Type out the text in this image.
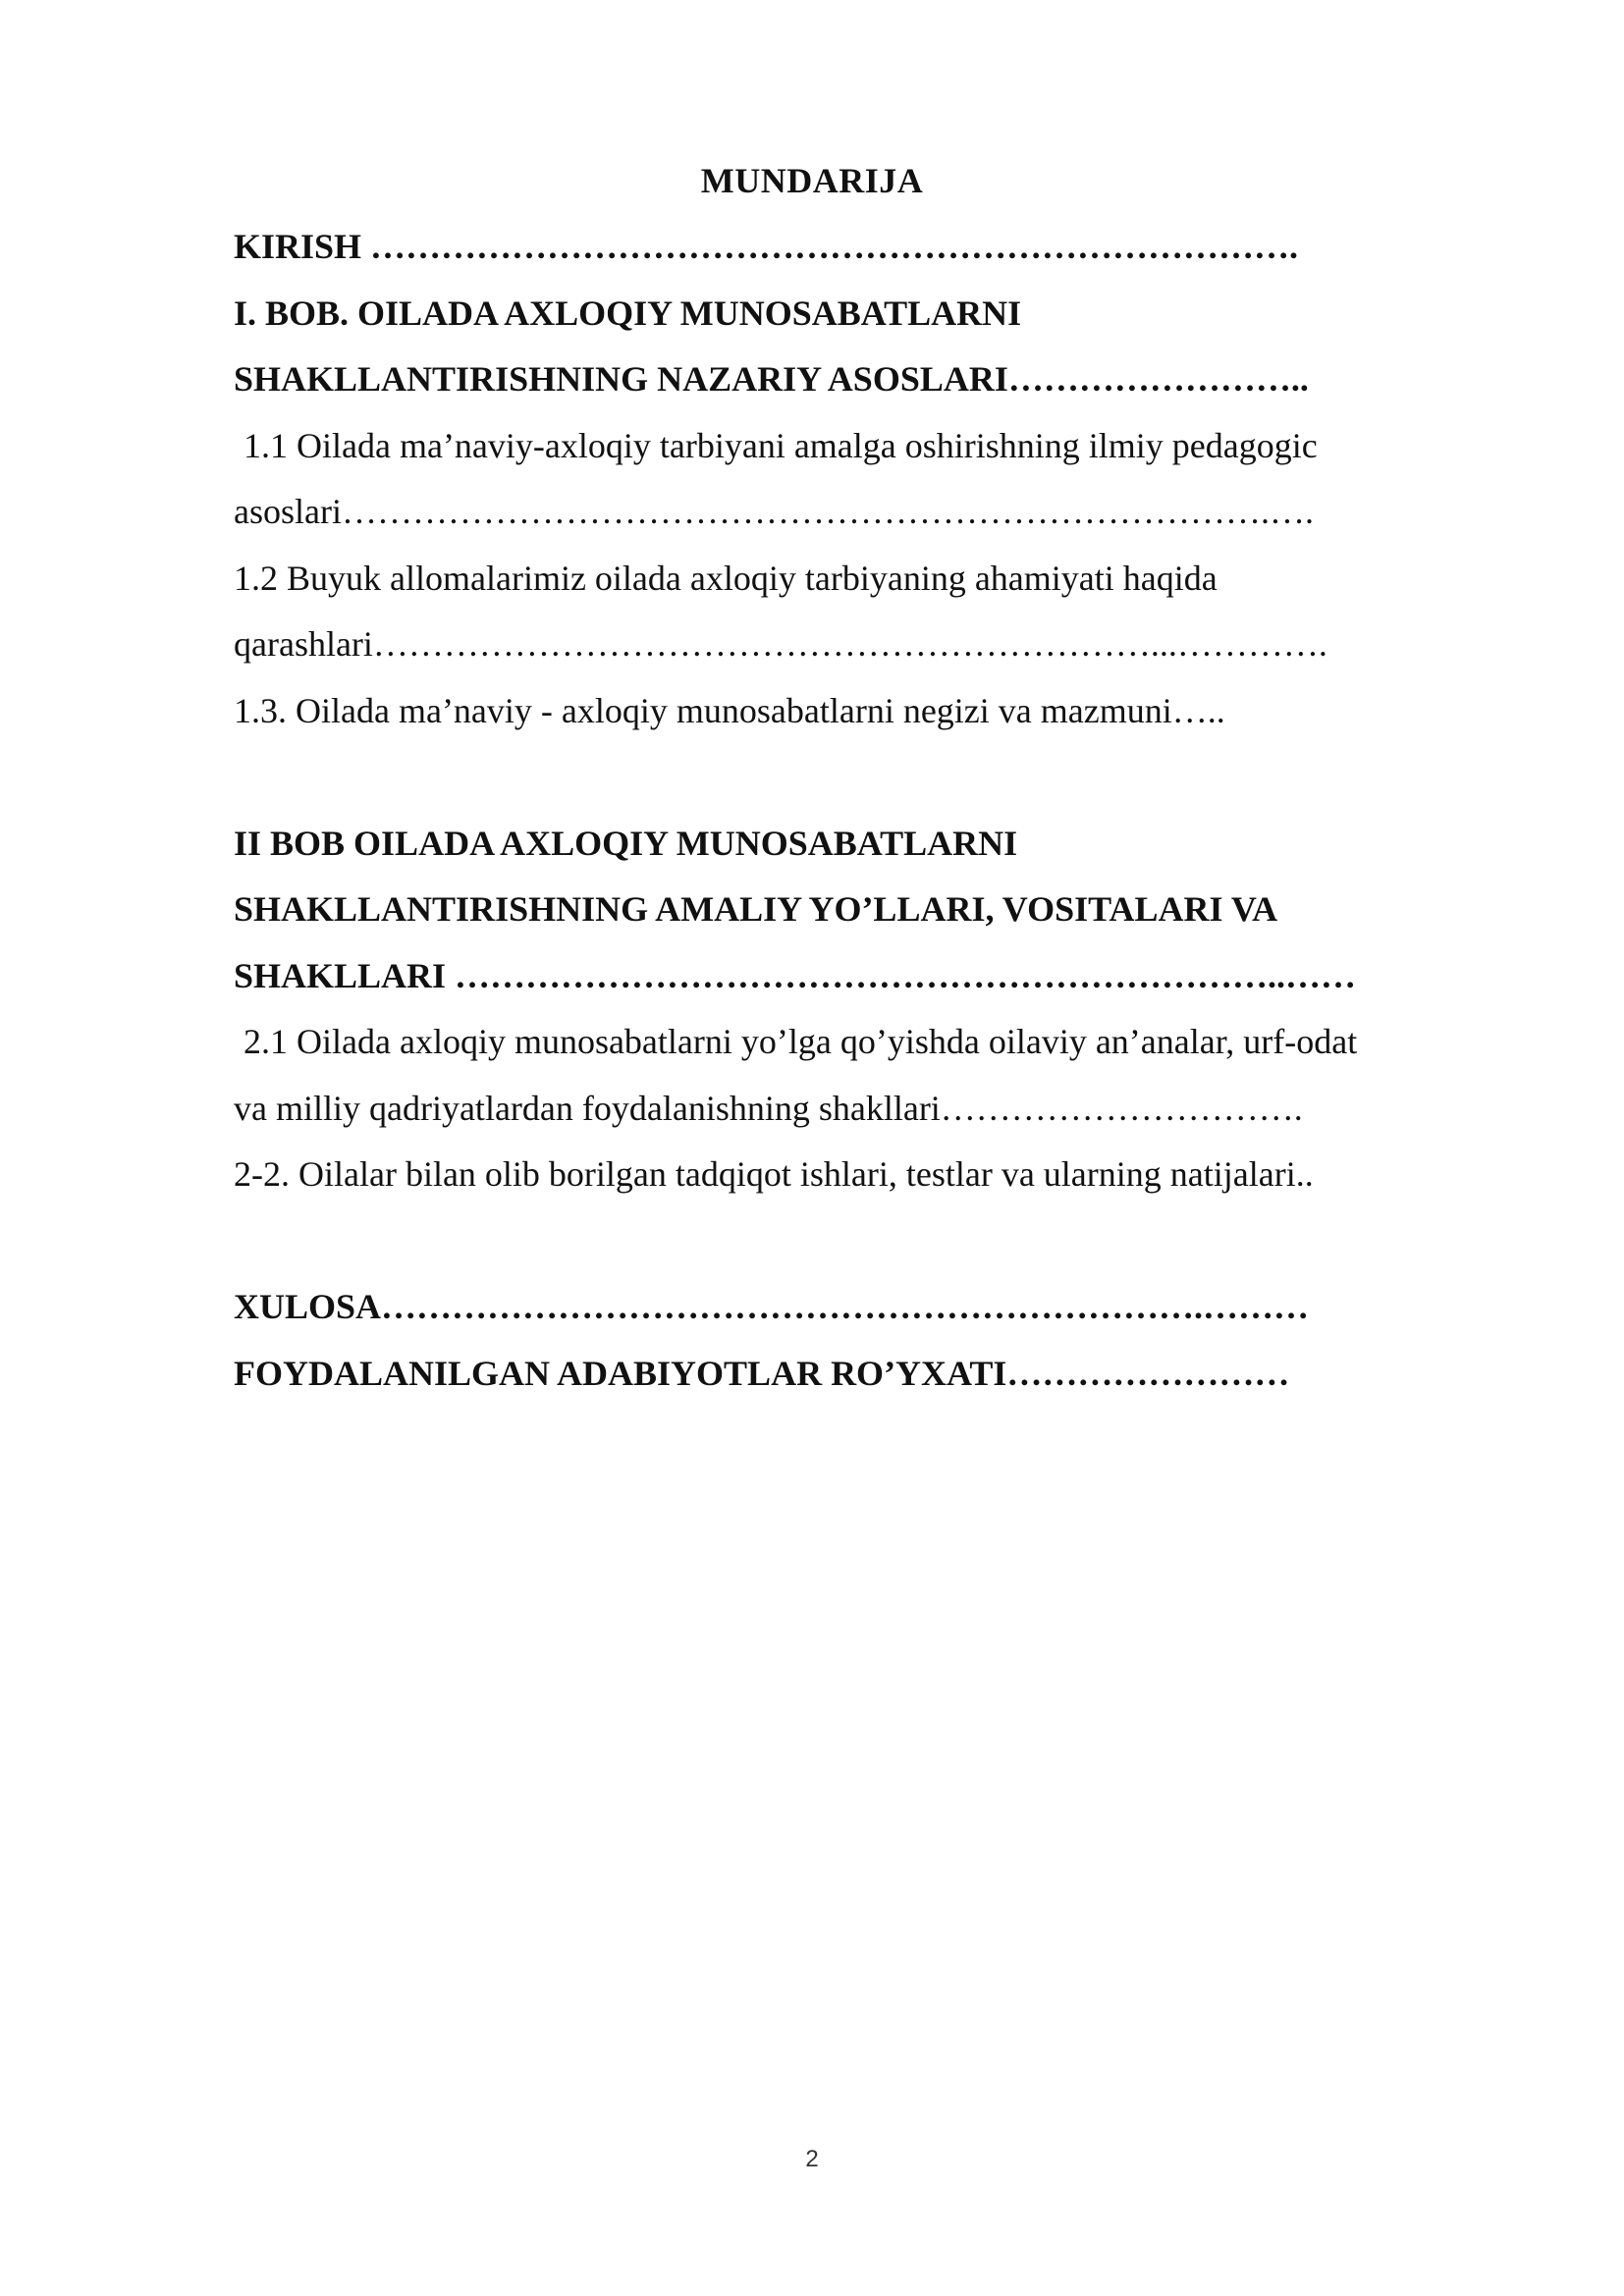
MUNDARIJA
KIRISH …………………………………………………………………….
I. BOB. OILADA AXLOQIY MUNOSABATLARNI
SHAKLLANTIRISHNING NAZARIY ASOSLARI……………………..
1.1 Oilada ma’naviy-axloqiy tarbiyani amalga oshirishning ilmiy pedagogic
asoslari…………………………………………………………………….….
1.2 Buyuk allomalarimiz oilada axloqiy tarbiyaning ahamiyati haqida
qarashlari…………………………………………………………...………….
1.3. Oilada ma’naviy - axloqiy munosabatlarni negizi va mazmuni…..
II BOB OILADA AXLOQIY MUNOSABATLARNI
SHAKLLANTIRISHNING AMALIY YO’LLARI, VOSITALARI VA
SHAKLLARI ……………………………………………………………..……
2.1 Oilada axloqiy munosabatlarni yo’lga qo’yishda oilaviy an’analar, urf-odat
va milliy qadriyatlardan foydalanishning shakllari………………………….
2-2. Oilalar bilan olib borilgan tadqiqot ishlari, testlar va ularning natijalari..
XULOSA…………………………………………………………….………
FOYDALANILGAN ADABIYOTLAR RO’YXATI……………………
2
